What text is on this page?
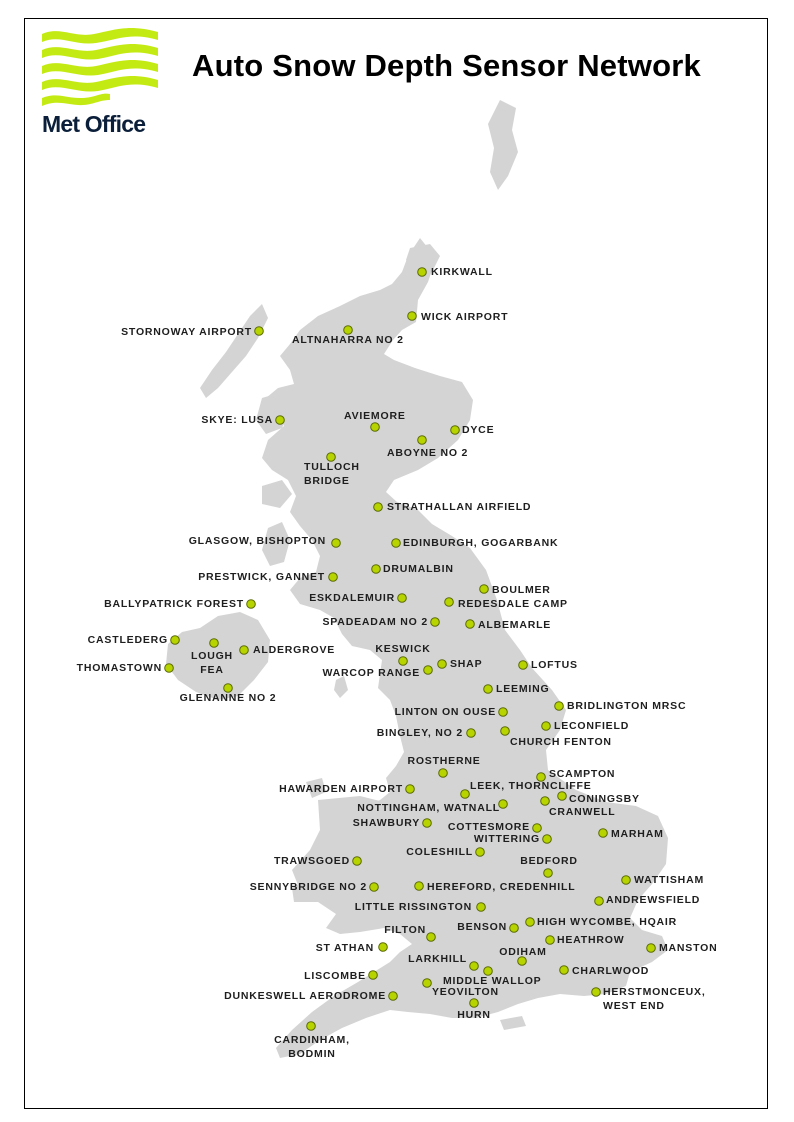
Met Office
Auto Snow Depth Sensor Network
KIRKWALL
WICK AIRPORT
STORNOWAY AIRPORT
ALTNAHARRA NO 2
AVIEMORE
SKYE: LUSA
DYCE
ABOYNE NO 2
TULLOCH
BRIDGE
STRATHALLAN AIRFIELD
GLASGOW, BISHOPTON	EDINBURGH, GOGARBANK
DRUMALBIN
PRESTWICK, GANNET
BOULMER
BALLYPATRICK FOREST	ESKDALEMUIR	REDESDALE CAMP
SPADEADAM NO 2	ALBEMARLE
CASTLEDERG
LOUGH
FEA
ALDERGROVE	KESWICK
SHAP	LOFTUS
THOMASTOWN	WARCOP RANGE
GLENANNE NO 2
LEEMING
BRIDLINGTON MRSC
LINTON ON OUSE
LECONFIELD
BINGLEY, NO 2
CHURCH FENTON
ROSTHERNE
SCAMPTON
HAWARDEN AIRPORT	LEEK, THORNCLIFFE
CONINGSBY
NOTTINGHAM, WATNALL	CRANWELL
SHAWBURY	COTTESMORE
MARHAM
WITTERING
COLESHILL
TRAWSGOED	BEDFORD
WATTISHAM
SENNYBRIDGE NO 2	HEREFORD, CREDENHILL
ANDREWSFIELD
LITTLE RISSINGTON
HIGH WYCOMBE, HQAIR
FILTON	BENSON
HEATHROW
ST ATHAN	MANSTON
LARKHILL
ODIHAM
LISCOMBE	CHARLWOOD
MIDDLE WALLOP
YEOVILTON
DUNKESWELL AERODROME	HERSTMONCEUX,
WEST END
HURN
CARDINHAM,
BODMIN
